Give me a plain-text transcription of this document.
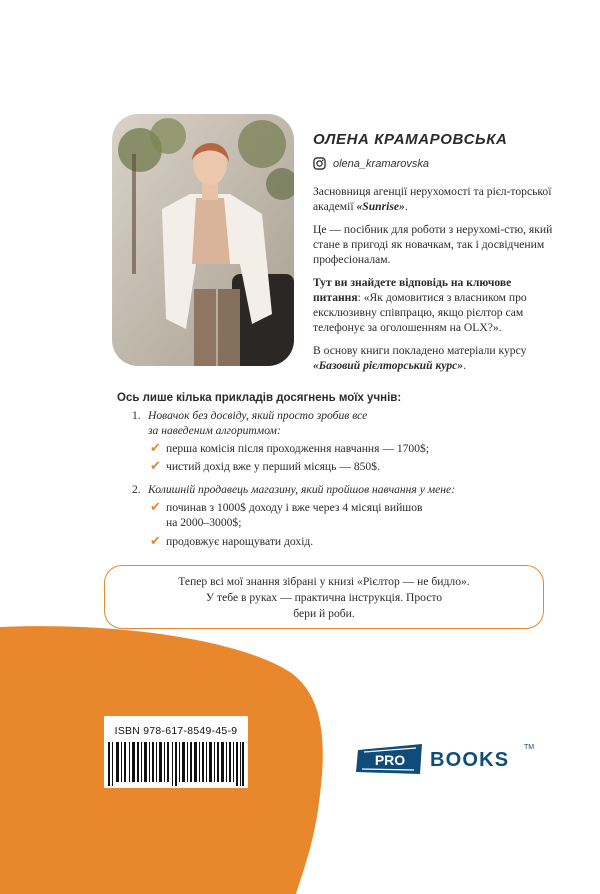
ОЛЕНА КРАМАРОВСЬКА
olena_kramarovska

Засновниця агенції нерухомості та рієл-торської академії «Sunrise».

Це — посібник для роботи з нерухомі-стю, який стане в пригоді як новачкам, так і досвідченим професіоналам.

Тут ви знайдете відповідь на ключове питання: «Як домовитися з власником про ексклюзивну співпрацю, якщо рієлтор сам телефонує за оголошенням на OLX?».

В основу книги покладено матеріали курсу «Базовий рієлторський курс».

Ось лише кілька прикладів досягнень моїх учнів:
1. Новачок без досвіду, який просто зробив все
за наведеним алгоритмом:
✔ перша комісія після проходження навчання — 1700$;
✔ чистий дохід вже у перший місяць — 850$.
2. Колишній продавець магазину, який пройшов навчання у мене:
✔ починав з 1000$ доходу і вже через 4 місяці вийшов
на 2000–3000$;
✔ продовжує нарощувати дохід.
Тепер всі мої знання зібрані у книзі «Рієлтор — не бидло».
У тебе в руках — практична інструкція. Просто
бери й роби.
ISBN 978-617-8549-45-9
PRO BOOKS
TM
